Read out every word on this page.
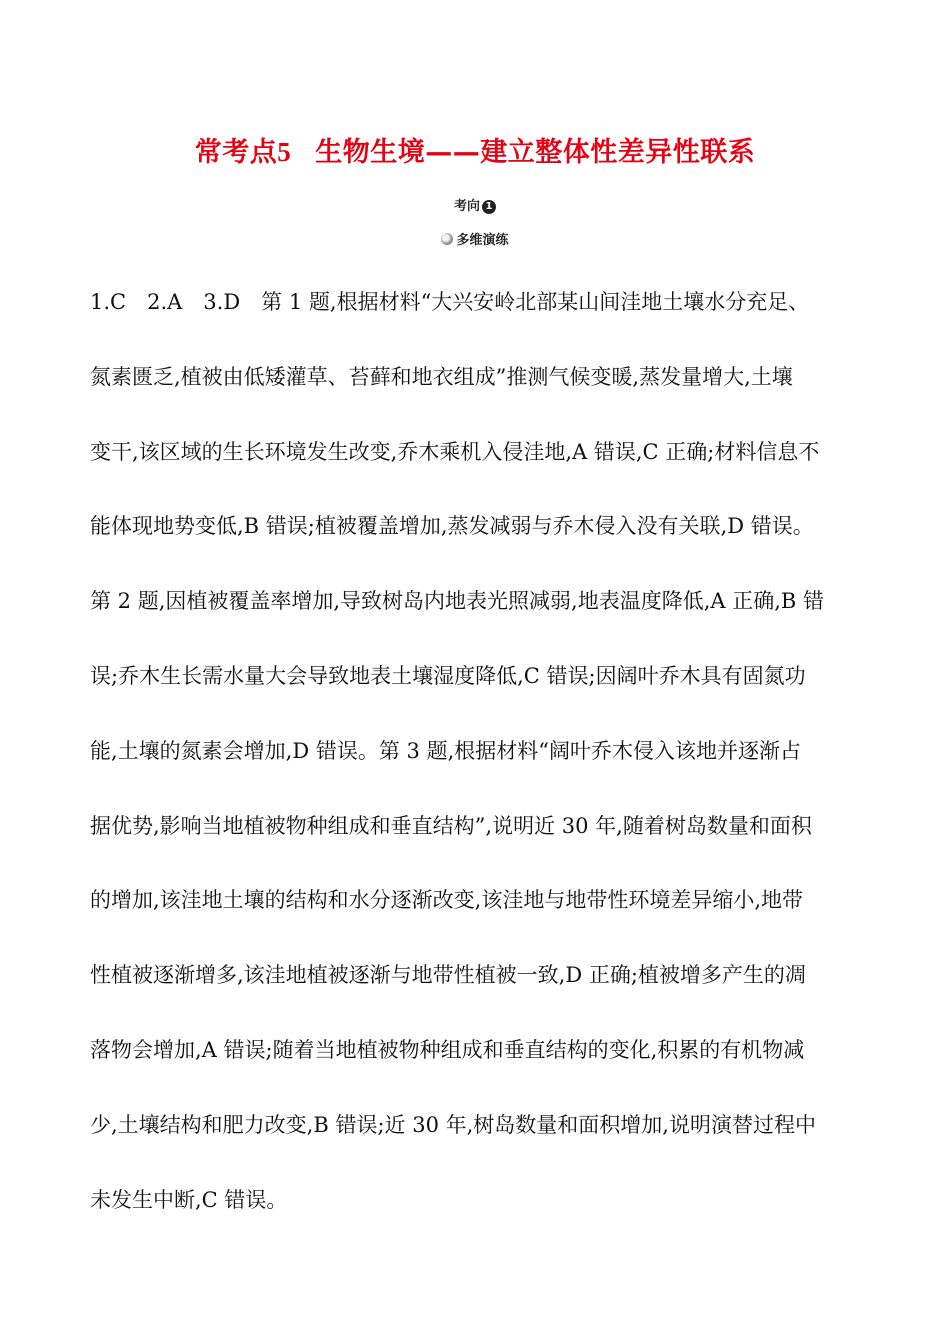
常考点5 生物生境——建立整体性差异性联系
考向 1
多维演练
1.C　2.A　3.D　第 1 题,根据材料“大兴安岭北部某山间洼地土壤水分充足、
氮素匮乏,植被由低矮灌草、苔藓和地衣组成”推测气候变暖,蒸发量增大,土壤
变干,该区域的生长环境发生改变,乔木乘机入侵洼地,A 错误,C 正确;材料信息不
能体现地势变低,B 错误;植被覆盖增加,蒸发减弱与乔木侵入没有关联,D 错误。
第 2 题,因植被覆盖率增加,导致树岛内地表光照减弱,地表温度降低,A 正确,B 错
误;乔木生长需水量大会导致地表土壤湿度降低,C 错误;因阔叶乔木具有固氮功
能,土壤的氮素会增加,D 错误。第 3 题,根据材料“阔叶乔木侵入该地并逐渐占
据优势,影响当地植被物种组成和垂直结构”,说明近 30 年,随着树岛数量和面积
的增加,该洼地土壤的结构和水分逐渐改变,该洼地与地带性环境差异缩小,地带
性植被逐渐增多,该洼地植被逐渐与地带性植被一致,D 正确;植被增多产生的凋
落物会增加,A 错误;随着当地植被物种组成和垂直结构的变化,积累的有机物减
少,土壤结构和肥力改变,B 错误;近 30 年,树岛数量和面积增加,说明演替过程中
未发生中断,C 错误。
